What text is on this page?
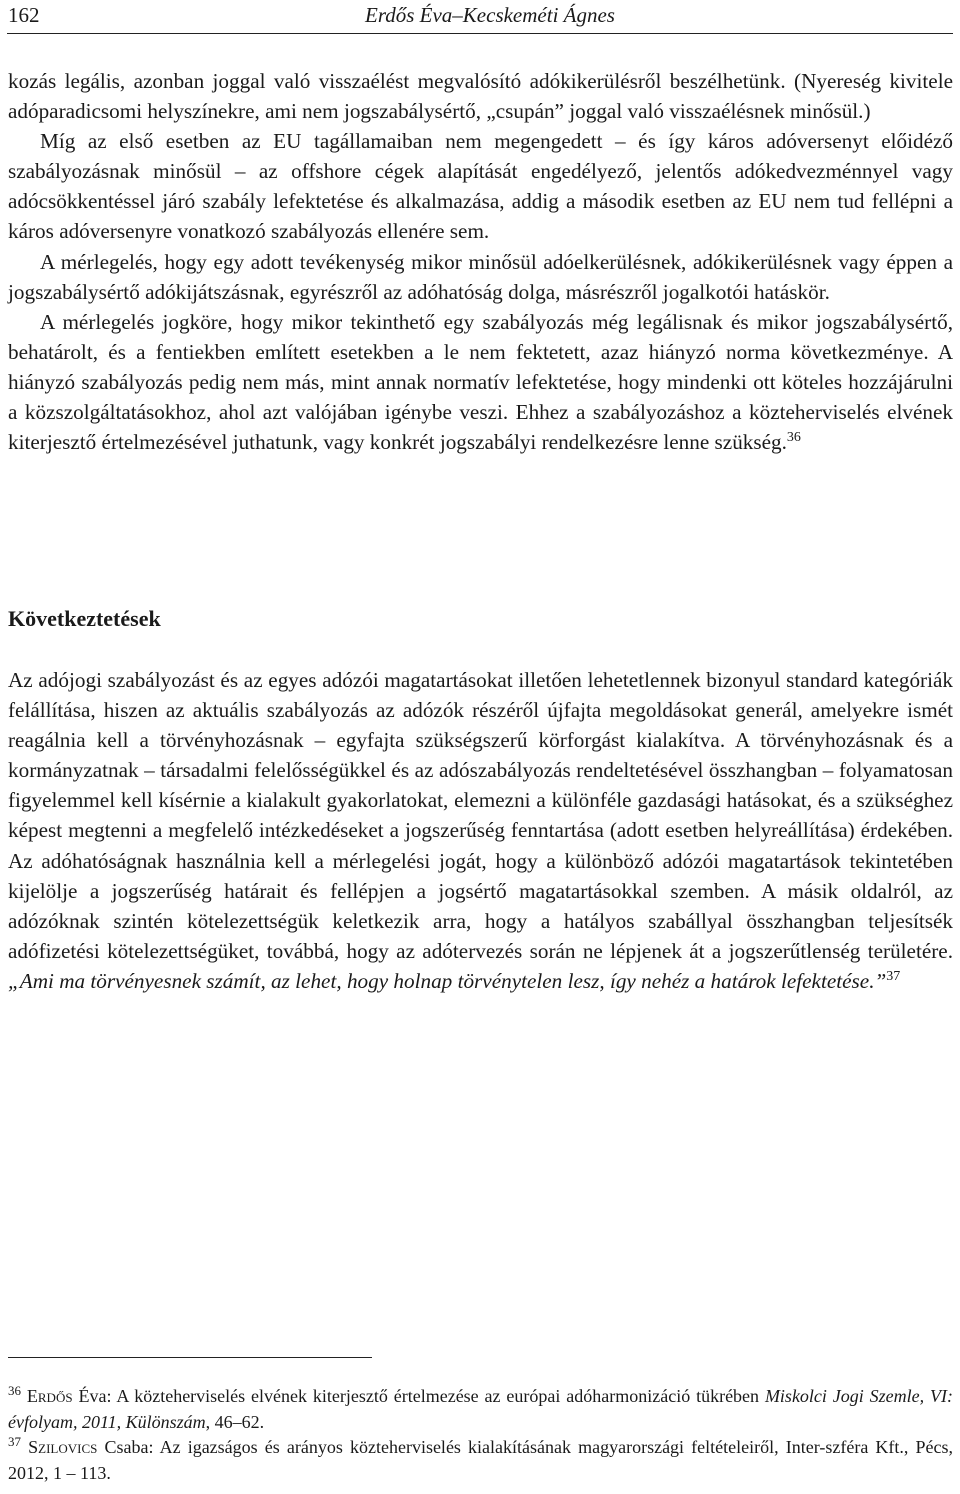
162	Erdős Éva–Kecskeméti Ágnes

kozás legális, azonban joggal való visszaélést megvalósító adókikerülésről beszélhetünk. (Nyereség kivitele adóparadicsomi helyszínekre, ami nem jogszabálysértő, „csupán” joggal való visszaélésnek minősül.)

Míg az első esetben az EU tagállamaiban nem megengedett – és így káros adóversenyt előidéző szabályozásnak minősül – az offshore cégek alapítását engedélyező, jelentős adókedvezménnyel vagy adócsökkentéssel járó szabály lefektetése és alkalmazása, addig a második esetben az EU nem tud fellépni a káros adóversenyre vonatkozó szabályozás ellenére sem.

A mérlegelés, hogy egy adott tevékenység mikor minősül adóelkerülésnek, adókikerülésnek vagy éppen a jogszabálysértő adókijátszásnak, egyrészről az adóhatóság dolga, másrészről jogalkotói hatáskör.

A mérlegelés jogköre, hogy mikor tekinthető egy szabályozás még legálisnak és mikor jogszabálysértő, behatárolt, és a fentiekben említett esetekben a le nem fektetett, azaz hiányzó norma következménye. A hiányzó szabályozás pedig nem más, mint annak normatív lefektetése, hogy mindenki ott köteles hozzájárulni a közszolgáltatásokhoz, ahol azt valójában igénybe veszi. Ehhez a szabályozáshoz a közteherviselés elvének kiterjesztő értelmezésével juthatunk, vagy konkrét jogszabályi rendelkezésre lenne szükség.$^{36}$

Következtetések

Az adójogi szabályozást és az egyes adózói magatartásokat illetően lehetetlennek bizonyul standard kategóriák felállítása, hiszen az aktuális szabályozás az adózók részéről újfajta megoldásokat generál, amelyekre ismét reagálnia kell a törvényhozásnak – egyfajta szükségszerű körforgást kialakítva. A törvényhozásnak és a kormányzatnak – társadalmi felelősségükkel és az adószabályozás rendeltetésével összhangban – folyamatosan figyelemmel kell kísérnie a kialakult gyakorlatokat, elemezni a különféle gazdasági hatásokat, és a szükséghez képest megtenni a megfelelő intézkedéseket a jogszerűség fenntartása (adott esetben helyreállítása) érdekében. Az adóhatóságnak használnia kell a mérlegelési jogát, hogy a különböző adózói magatartások tekintetében kijelölje a jogszerűség határait és fellépjen a jogsértő magatartásokkal szemben. A másik oldalról, az adózóknak szintén kötelezettségük keletkezik arra, hogy a hatályos szabállyal összhangban teljesítsék adófizetési kötelezettségüket, továbbá, hogy az adótervezés során ne lépjenek át a jogszerűtlenség területére. „Ami ma törvényesnek számít, az lehet, hogy holnap törvénytelen lesz, így nehéz a határok lefektetése.”$^{37}$

$^{36}$ Erdős Éva: A közteherviselés elvének kiterjesztő értelmezése az európai adóharmonizáció tükrében Miskolci Jogi Szemle, VI: évfolyam, 2011, Különszám, 46–62.

$^{37}$ Szilovics Csaba: Az igazságos és arányos közteherviselés kialakításának magyarországi feltételeiről, Inter-szféra Kft., Pécs, 2012, 1 – 113.
